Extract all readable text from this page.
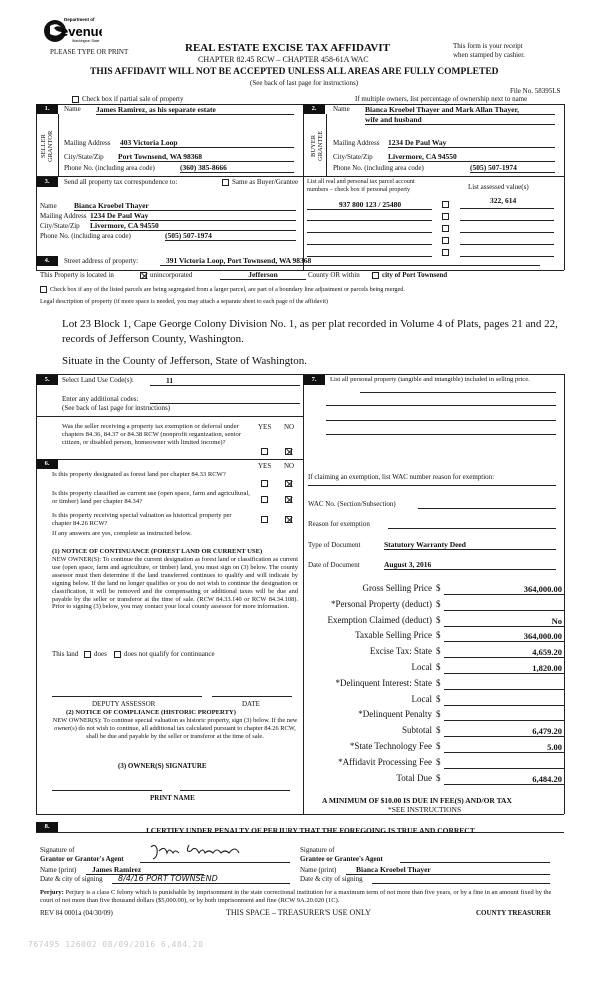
Department of
evenue
Washington State
PLEASE TYPE OR PRINT	REAL ESTATE EXCISE TAX AFFIDAVIT
CHAPTER 82.45 RCW – CHAPTER 458-61A WAC
This form is your receipt
when stamped by cashier.
THIS AFFIDAVIT WILL NOT BE ACCEPTED UNLESS ALL AREAS ARE FULLY COMPLETED
(See back of last page for instructions)
File No. 58395LS
Check box if partial sale of property	If multiple owners, list percentage of ownership next to name
1.
SELLER GRANTOR
Name James Ramirez, as his separate estate
Mailing Address 403 Victoria Loop
City/State/Zip Port Townsend, WA 98368
Phone No. (including area code)	(360) 385-8666
2.
BUYER GRANTEE
Name Bianca Kroebel Thayer and Mark Allan Thayer,
wife and husband
Mailing Address 1234 De Paul Way
City/State/Zip Livermore, CA 94550
Phone No. (including area code)	(505) 507-1974
3.	Send all property tax correspondence to:	Same as Buyer/Grantee List all real and personal tax parcel account
numbers – check box if personal property	List assessed value(s)
Name Bianca Kroebel Thayer
Mailing Address 1234 De Paul Way
City/State/Zip Livermore, CA 94550
Phone No. (including area code)	(505) 507-1974
937 800 123 / 25480	322, 614
4.	Street address of property:	391 Victoria Loop, Port Townsend, WA 98368
This Property is located in	unincorporated	Jefferson	County OR within	city of Port Townsend
Check box if any of the listed parcels are being segregated from a larger parcel, are part of a boundary line adjustment or parcels being merged.
Legal description of property (if more space is needed, you may attach a separate sheet to each page of the affidavit)
Lot 23 Block 1, Cape George Colony Division No. 1, as per plat recorded in Volume 4 of Plats, pages 21 and 22,
records of Jefferson County, Washington.
Situate in the County of Jefferson, State of Washington.
5.	Select Land Use Code(s):	11
Enter any additional codes:
(See back of last page for instructions)
YES NO
Was the seller receiving a property tax exemption or deferral under chapters 84.36, 84.37 or 84.38 RCW (nonprofit organization, senior citizen, or disabled person, homeowner with limited income)?
6.	YES NO
Is this property designated as forest land per chapter 84.33 RCW?
Is this property classified as current use (open space, farm and agricultural, or timber) land per chapter 84.34?
Is this property receiving special valuation as historical property per chapter 84.26 RCW?
If any answers are yes, complete as instructed below.
(1) NOTICE OF CONTINUANCE (FOREST LAND OR CURRENT USE)
NEW OWNER(S): To continue the current designation as forest land or classification as current use (open space, farm and agriculture, or timber) land, you must sign on (3) below. The county assessor must then determine if the land transferred continues to qualify and will indicate by signing below. If the land no longer qualifies or you do not wish to continue the designation or classification, it will be removed and the compensating or additional taxes will be due and payable by the seller or transferor at the time of sale. (RCW 84.33.140 or RCW 84.34.108). Prior to signing (3) below, you may contact your local county assessor for more information.
This land does does not qualify for continuance
DEPUTY ASSESSOR	DATE
(2) NOTICE OF COMPLIANCE (HISTORIC PROPERTY)
NEW OWNER(S): To continue special valuation as historic property, sign (3) below. If the new owner(s) do not wish to continue, all additional tax calculated pursuant to chapter 84.26 RCW, shall be due and payable by the seller or transferor at the time of sale.
(3) OWNER(S) SIGNATURE
PRINT NAME
7.	List all personal property (tangible and intangible) included in selling price.
If claiming an exemption, list WAC number reason for exemption:
WAC No. (Section/Subsection)
Reason for exemption
Type of Document	Statutory Warranty Deed
Date of Document	August 3, 2016
Gross Selling Price $	364,000.00
*Personal Property (deduct) $
Exemption Claimed (deduct) $	No
Taxable Selling Price $	364,000.00
Excise Tax: State $	4,659.20
Local $	1,820.00
*Delinquent Interest: State $
Local $
*Delinquent Penalty $
Subtotal $	6,479.20
*State Technology Fee $	5.00
*Affidavit Processing Fee $
Total Due $	6,484.20
A MINIMUM OF $10.00 IS DUE IN FEE(S) AND/OR TAX
*SEE INSTRUCTIONS
8.	I CERTIFY UNDER PENALTY OF PERJURY THAT THE FOREGOING IS TRUE AND CORRECT
Signature of
Grantor or Grantor's Agent
Name (print)	James Ramirez
Date & city of signing	8/4/16 PORT TOWNSEND
Signature of
Grantee or Grantee's Agent
Name (print)	Bianca Kroebel Thayer
Date & city of signing
Perjury: Perjury is a class C felony which is punishable by imprisonment in the state correctional institution for a maximum term of not more than five years, or by a fine in an amount fixed by the court of not more than five thousand dollars ($5,000.00), or by both imprisonment and fine (RCW 9A.20.020 (1C).
REV 84 0001a (04/30/09)	THIS SPACE – TREASURER'S USE ONLY	COUNTY TREASURER
767495 126002 08/09/2016 6,484.20
